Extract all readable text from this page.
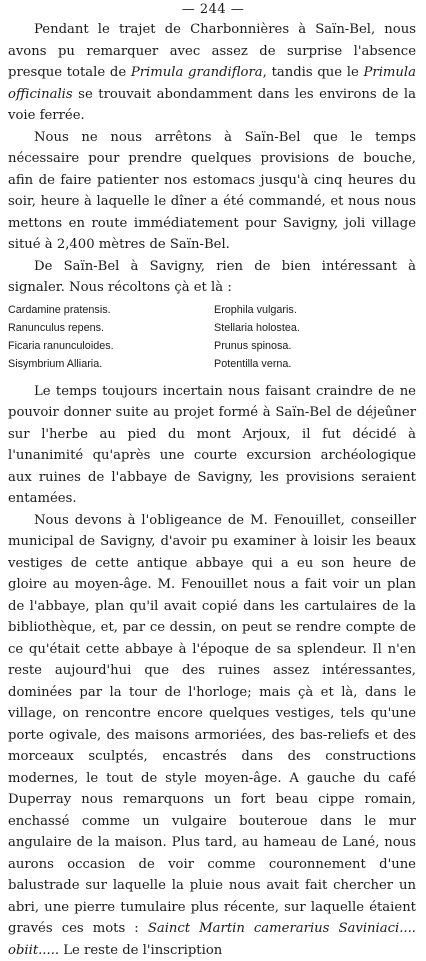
— 244 —

Pendant le trajet de Charbonnières à Saïn-Bel, nous avons pu remarquer avec assez de surprise l'absence presque totale de Primula grandiflora, tandis que le Primula officinalis se trouvait abondamment dans les environs de la voie ferrée.

Nous ne nous arrêtons à Saïn-Bel que le temps nécessaire pour prendre quelques provisions de bouche, afin de faire patienter nos estomacs jusqu'à cinq heures du soir, heure à laquelle le dîner a été commandé, et nous nous mettons en route immédiatement pour Savigny, joli village situé à 2,400 mètres de Saïn-Bel.

De Saïn-Bel à Savigny, rien de bien intéressant à signaler. Nous récoltons çà et là :

Cardamine pratensis.	Erophila vulgaris.
Ranunculus repens.	Stellaria holostea.
Ficaria ranunculoides.	Prunus spinosa.
Sisymbrium Alliaria.	Potentilla verna.

Le temps toujours incertain nous faisant craindre de ne pouvoir donner suite au projet formé à Saïn-Bel de déjeûner sur l'herbe au pied du mont Arjoux, il fut décidé à l'unanimité qu'après une courte excursion archéologique aux ruines de l'abbaye de Savigny, les provisions seraient entamées.

Nous devons à l'obligeance de M. Fenouillet, conseiller municipal de Savigny, d'avoir pu examiner à loisir les beaux vestiges de cette antique abbaye qui a eu son heure de gloire au moyen-âge. M. Fenouillet nous a fait voir un plan de l'abbaye, plan qu'il avait copié dans les cartulaires de la bibliothèque, et, par ce dessin, on peut se rendre compte de ce qu'était cette abbaye à l'époque de sa splendeur. Il n'en reste aujourd'hui que des ruines assez intéressantes, dominées par la tour de l'horloge; mais çà et là, dans le village, on rencontre encore quelques vestiges, tels qu'une porte ogivale, des maisons armoriées, des bas-reliefs et des morceaux sculptés, encastrés dans des constructions modernes, le tout de style moyen-âge. A gauche du café Duperray nous remarquons un fort beau cippe romain, enchassé comme un vulgaire bouteroue dans le mur angulaire de la maison. Plus tard, au hameau de Lané, nous aurons occasion de voir comme couronnement d'une balustrade sur laquelle la pluie nous avait fait chercher un abri, une pierre tumulaire plus récente, sur laquelle étaient gravés ces mots : Sainct Martin camerarius Saviniaci.... obiit..... Le reste de l'inscription
